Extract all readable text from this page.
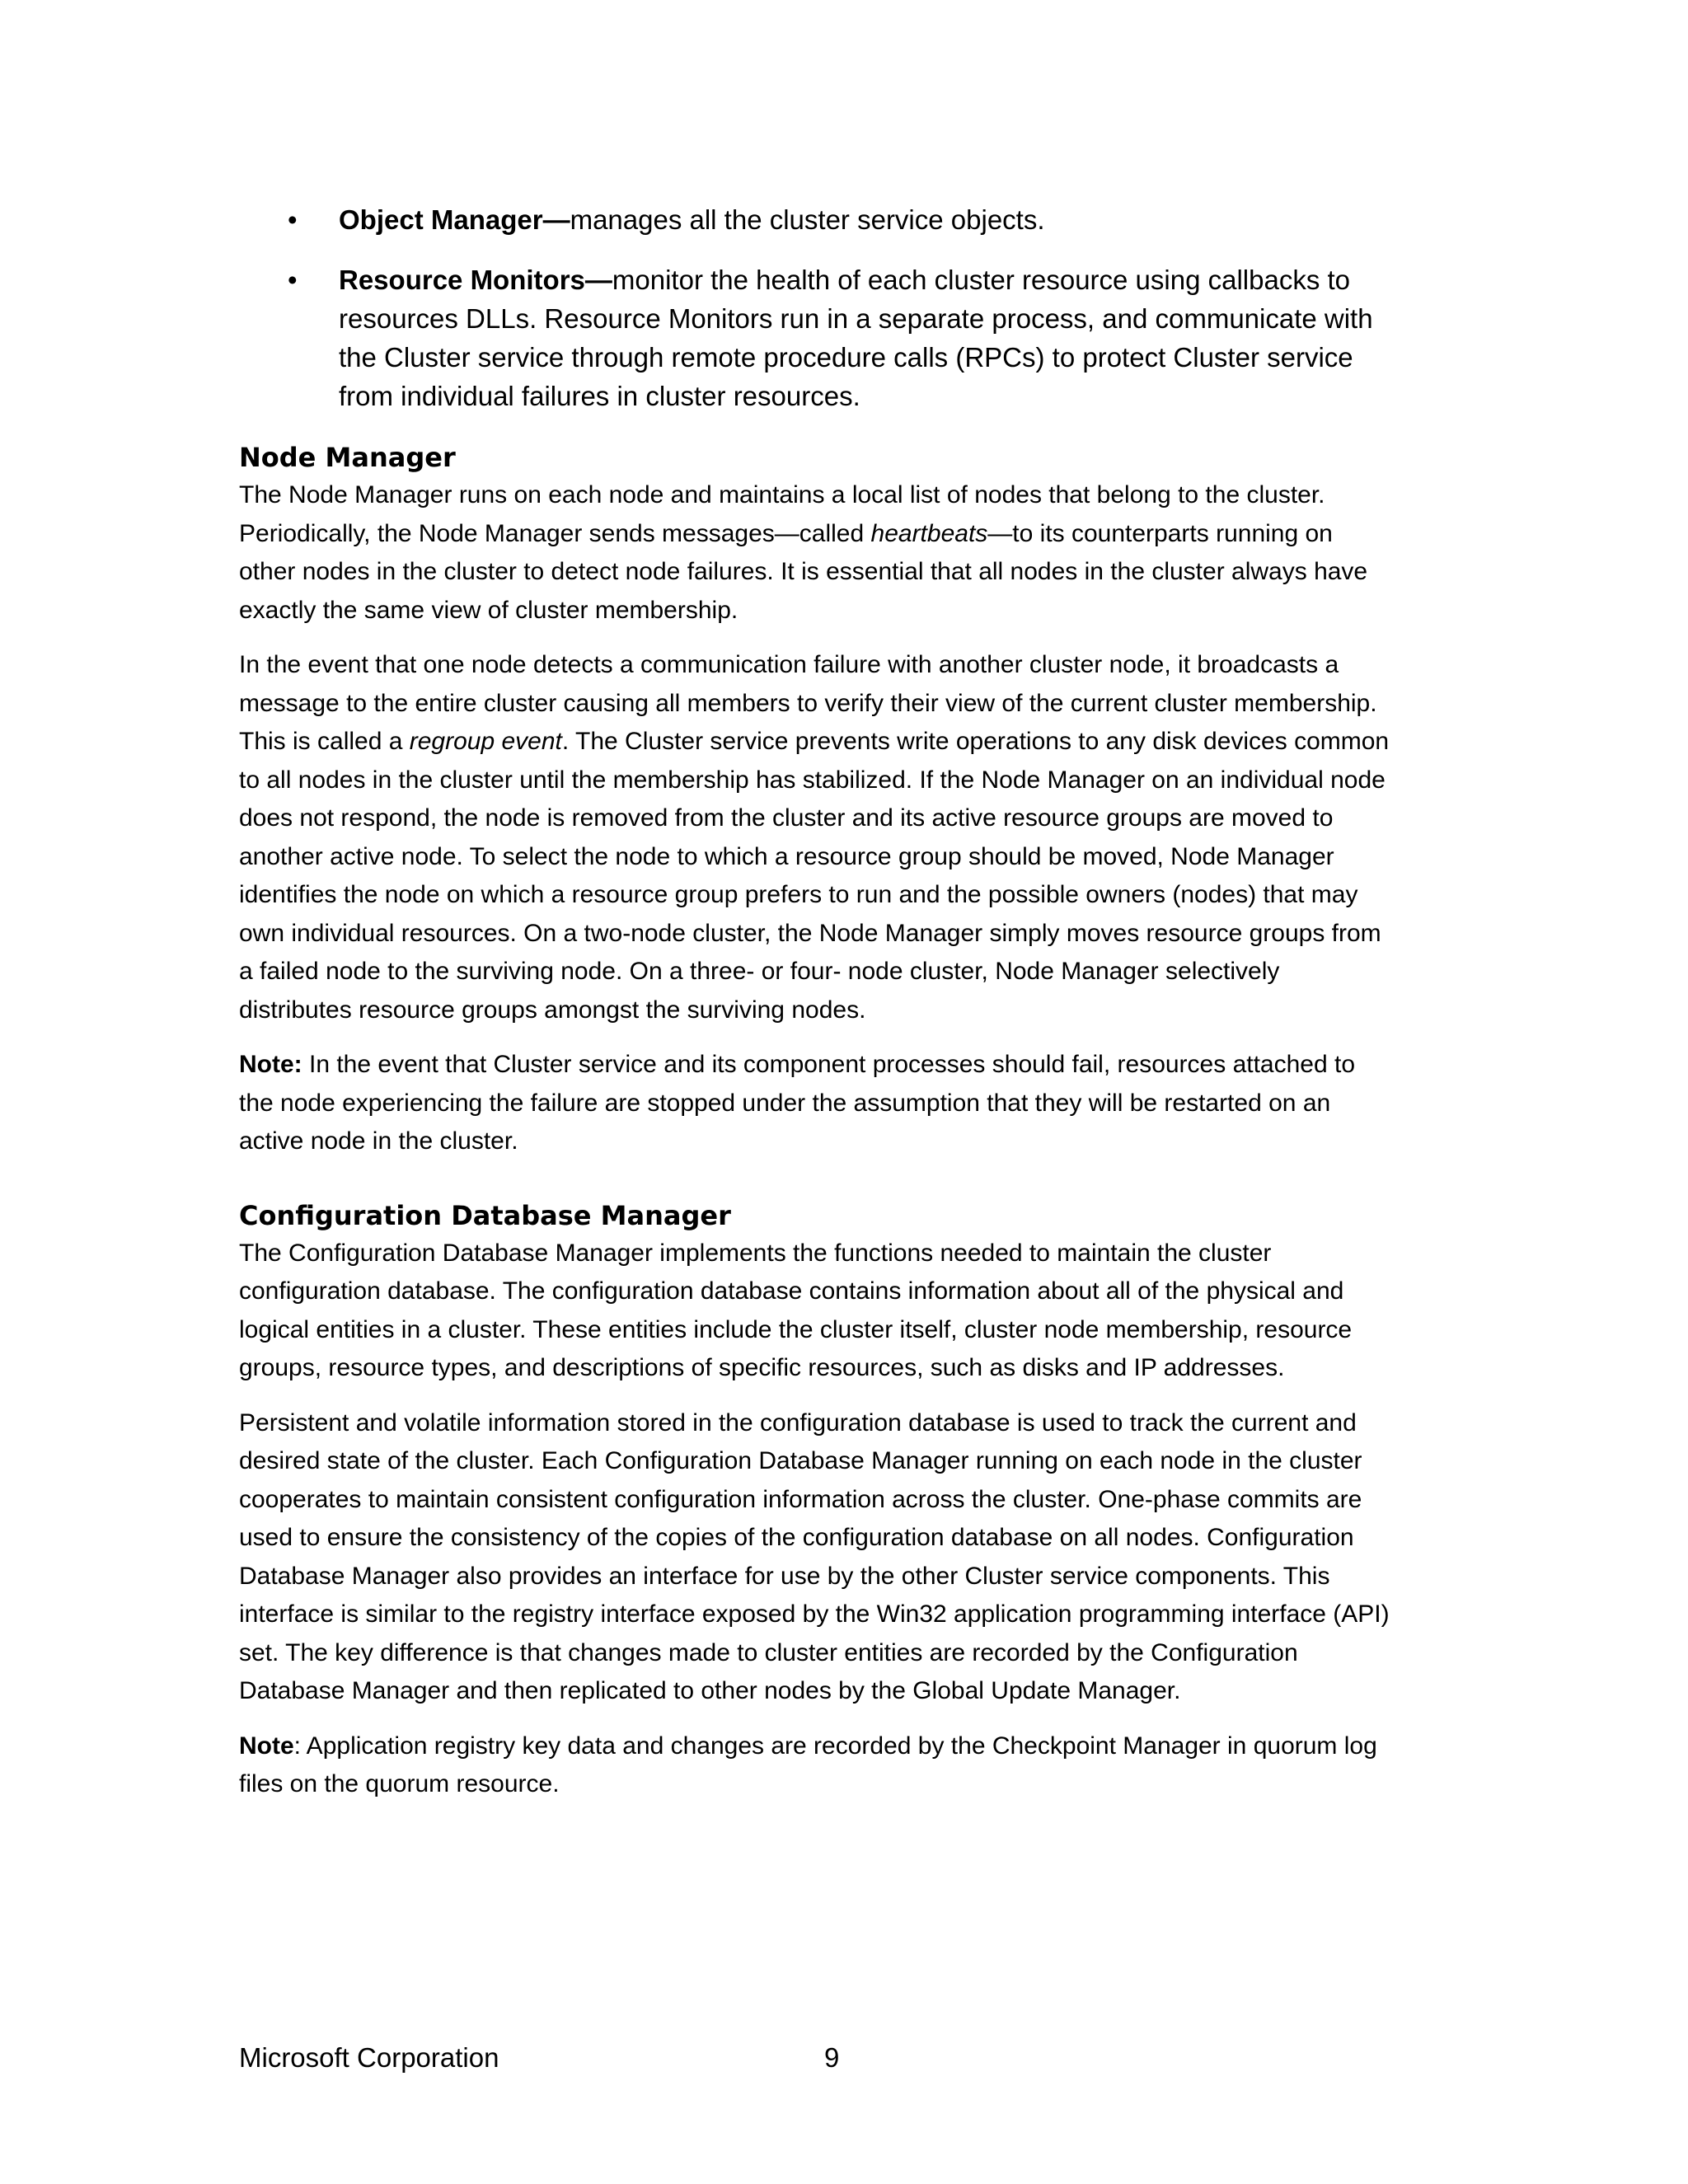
• Object Manager—manages all the cluster service objects.
• Resource Monitors—monitor the health of each cluster resource using callbacks to resources DLLs. Resource Monitors run in a separate process, and communicate with the Cluster service through remote procedure calls (RPCs) to protect Cluster service from individual failures in cluster resources.
Node Manager

The Node Manager runs on each node and maintains a local list of nodes that belong to the cluster. Periodically, the Node Manager sends messages—called heartbeats—to its counterparts running on other nodes in the cluster to detect node failures. It is essential that all nodes in the cluster always have exactly the same view of cluster membership.

In the event that one node detects a communication failure with another cluster node, it broadcasts a message to the entire cluster causing all members to verify their view of the current cluster membership. This is called a regroup event. The Cluster service prevents write operations to any disk devices common to all nodes in the cluster until the membership has stabilized. If the Node Manager on an individual node does not respond, the node is removed from the cluster and its active resource groups are moved to another active node. To select the node to which a resource group should be moved, Node Manager identifies the node on which a resource group prefers to run and the possible owners (nodes) that may own individual resources. On a two-node cluster, the Node Manager simply moves resource groups from a failed node to the surviving node. On a three- or four- node cluster, Node Manager selectively distributes resource groups amongst the surviving nodes.

Note: In the event that Cluster service and its component processes should fail, resources attached to the node experiencing the failure are stopped under the assumption that they will be restarted on an active node in the cluster.

Configuration Database Manager

The Configuration Database Manager implements the functions needed to maintain the cluster configuration database. The configuration database contains information about all of the physical and logical entities in a cluster. These entities include the cluster itself, cluster node membership, resource groups, resource types, and descriptions of specific resources, such as disks and IP addresses.

Persistent and volatile information stored in the configuration database is used to track the current and desired state of the cluster. Each Configuration Database Manager running on each node in the cluster cooperates to maintain consistent configuration information across the cluster. One-phase commits are used to ensure the consistency of the copies of the configuration database on all nodes. Configuration Database Manager also provides an interface for use by the other Cluster service components. This interface is similar to the registry interface exposed by the Win32 application programming interface (API) set. The key difference is that changes made to cluster entities are recorded by the Configuration Database Manager and then replicated to other nodes by the Global Update Manager.

Note: Application registry key data and changes are recorded by the Checkpoint Manager in quorum log files on the quorum resource.

Microsoft Corporation	9
